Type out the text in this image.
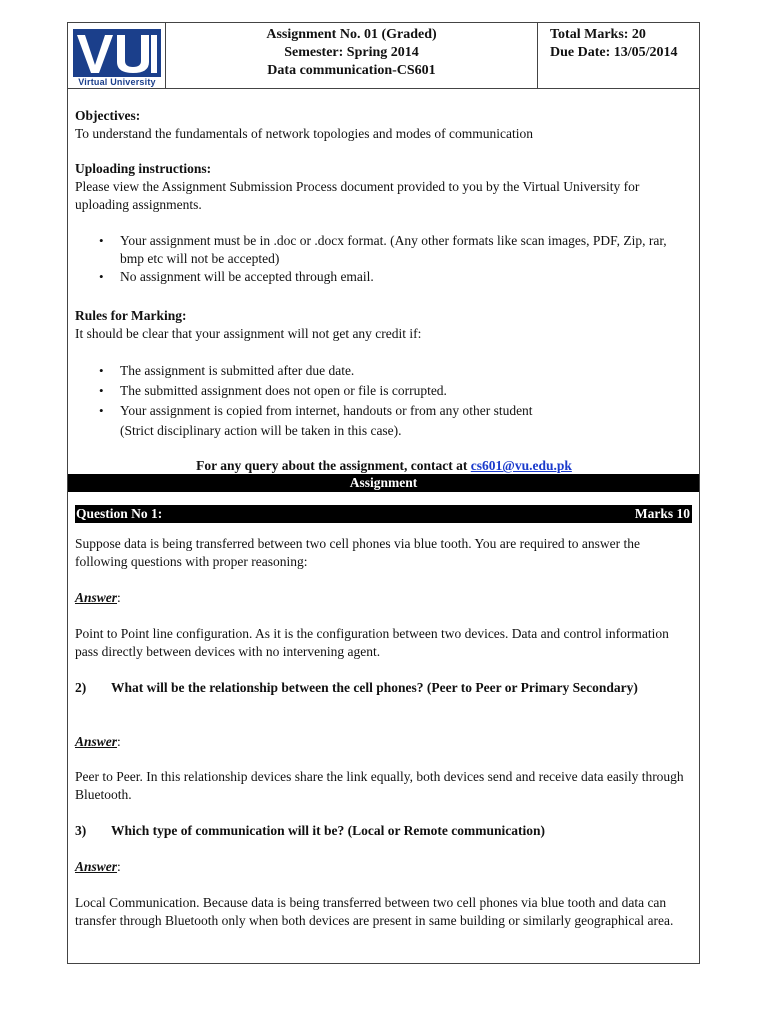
Virtual University
Assignment No. 01 (Graded)
Semester: Spring 2014
Data communication-CS601
Total Marks: 20
Due Date: 13/05/2014
Objectives:
To understand the fundamentals of network topologies and modes of communication
Uploading instructions:
Please view the Assignment Submission Process document provided to you by the Virtual University for uploading assignments.
• Your assignment must be in .doc or .docx format. (Any other formats like scan images, PDF, Zip, rar, bmp etc will not be accepted)
• No assignment will be accepted through email.
Rules for Marking:
It should be clear that your assignment will not get any credit if:
• The assignment is submitted after due date.
• The submitted assignment does not open or file is corrupted.
• Your assignment is copied from internet, handouts or from any other student
(Strict disciplinary action will be taken in this case).
For any query about the assignment, contact at cs601@vu.edu.pk
Assignment
Question No 1:	Marks 10

Suppose data is being transferred between two cell phones via blue tooth. You are required to answer the following questions with proper reasoning:
Answer:
Point to Point line configuration. As it is the configuration between two devices. Data and control information pass directly between devices with no intervening agent.
2) What will be the relationship between the cell phones? (Peer to Peer or Primary Secondary)
Answer:
Peer to Peer. In this relationship devices share the link equally, both devices send and receive data easily through Bluetooth.
3) Which type of communication will it be? (Local or Remote communication)
Answer:
Local Communication. Because data is being transferred between two cell phones via blue tooth and data can transfer through Bluetooth only when both devices are present in same building or similarly geographical area.
